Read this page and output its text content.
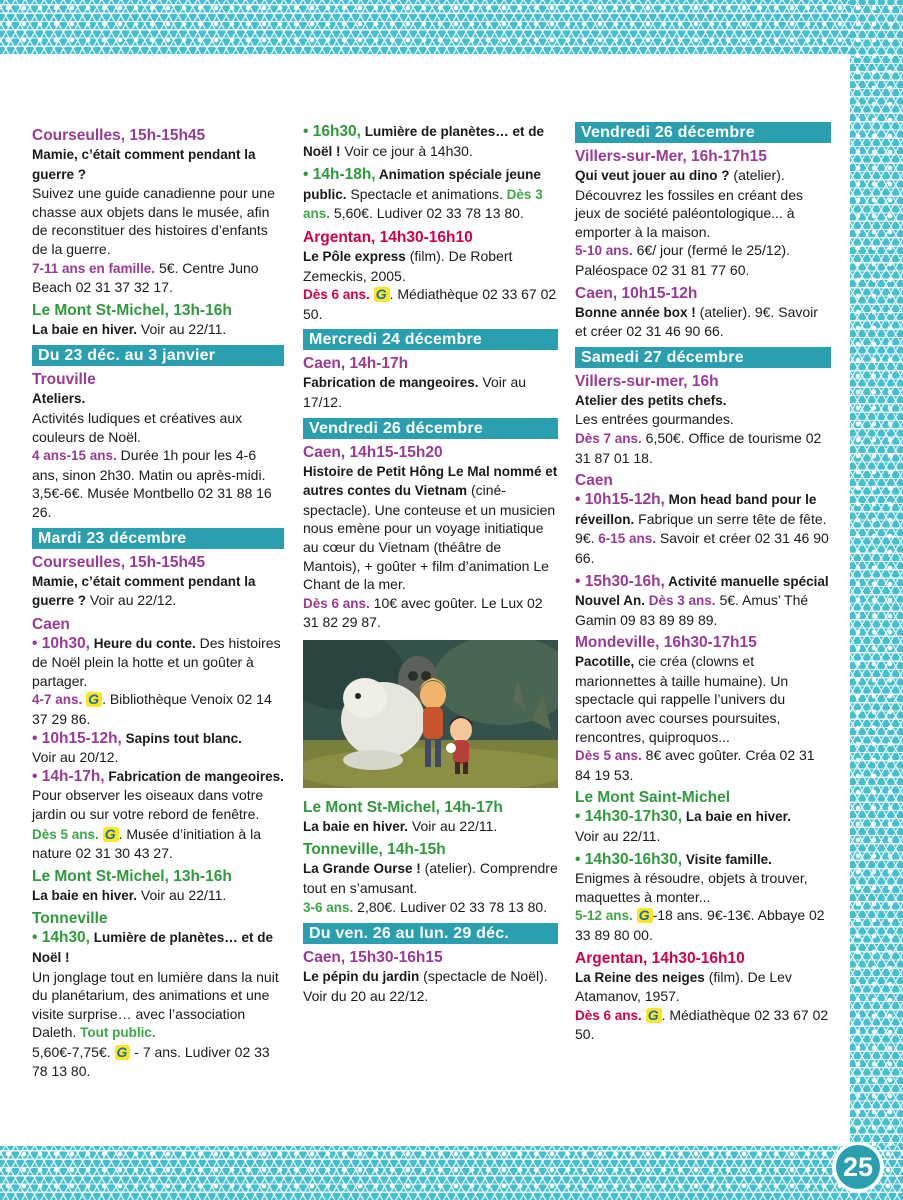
Courseulles, 15h-15h45

Mamie, c’était comment pendant la guerre ?
Suivez une guide canadienne pour une chasse aux objets dans le musée, afin de reconstituer des histoires d’enfants de la guerre.
7-11 ans en famille. 5€. Centre Juno Beach 02 31 37 32 17.

Le Mont St-Michel, 13h-16h

La baie en hiver. Voir au 22/11.

Du 23 déc. au 3 janvier
Trouville

Ateliers.
Activités ludiques et créatives aux couleurs de Noël.
4 ans-15 ans. Durée 1h pour les 4-6 ans, sinon 2h30. Matin ou après-midi. 3,5€-6€. Musée Montbello 02 31 88 16 26.

Mardi 23 décembre
Courseulles, 15h-15h45

Mamie, c’était comment pendant la guerre ? Voir au 22/12.

Caen

• 10h30, Heure du conte. Des histoires de Noël plein la hotte et un goûter à partager.
4-7 ans. G . Bibliothèque Venoix 02 14 37 29 86.

• 10h15-12h, Sapins tout blanc.
Voir au 20/12.

• 14h-17h, Fabrication de mangeoires. Pour observer les oiseaux dans votre jardin ou sur votre rebord de fenêtre. Dès 5 ans. G . Musée d’initiation à la nature 02 31 30 43 27.

Le Mont St-Michel, 13h-16h

La baie en hiver. Voir au 22/11.

Tonneville

• 14h30, Lumière de planètes… et de Noël !
Un jonglage tout en lumière dans la nuit du planétarium, des animations et une visite surprise… avec l’association Daleth. Tout public.
5,60€-7,75€. G - 7 ans. Ludiver 02 33 78 13 80.

• 16h30, Lumière de planètes… et de Noël ! Voir ce jour à 14h30.

• 14h-18h, Animation spéciale jeune public. Spectacle et animations. Dès 3 ans. 5,60€. Ludiver 02 33 78 13 80.

Argentan, 14h30-16h10

Le Pôle express (film). De Robert Zemeckis, 2005.
Dès 6 ans. G . Médiathèque 02 33 67 02 50.

Mercredi 24 décembre
Caen, 14h-17h

Fabrication de mangeoires. Voir au 17/12.

Vendredi 26 décembre
Caen, 14h15-15h20

Histoire de Petit Hông Le Mal nommé et autres contes du Vietnam (ciné-spectacle). Une conteuse et un musicien nous emène pour un voyage initiatique au cœur du Vietnam (théâtre de Mantois), + goûter + film d’animation Le Chant de la mer.
Dès 6 ans. 10€ avec goûter. Le Lux 02 31 82 29 87.

Le Mont St-Michel, 14h-17h

La baie en hiver. Voir au 22/11.

Tonneville, 14h-15h

La Grande Ourse ! (atelier). Comprendre tout en s’amusant.
3-6 ans. 2,80€. Ludiver 02 33 78 13 80.

Du ven. 26 au lun. 29 déc.
Caen, 15h30-16h15

Le pépin du jardin (spectacle de Noël). Voir du 20 au 22/12.

Vendredi 26 décembre
Villers-sur-Mer, 16h-17h15

Qui veut jouer au dino ? (atelier). Découvrez les fossiles en créant des jeux de société paléontologique... à emporter à la maison.
5-10 ans. 6€/ jour (fermé le 25/12). Paléospace 02 31 81 77 60.

Caen, 10h15-12h

Bonne année box ! (atelier). 9€. Savoir et créer 02 31 46 90 66.

Samedi 27 décembre
Villers-sur-mer, 16h

Atelier des petits chefs.
Les entrées gourmandes.
Dès 7 ans. 6,50€. Office de tourisme 02 31 87 01 18.

Caen

• 10h15-12h, Mon head band pour le réveillon. Fabrique un serre tête de fête. 9€. 6-15 ans. Savoir et créer 02 31 46 90 66.

• 15h30-16h, Activité manuelle spécial Nouvel An. Dès 3 ans. 5€. Amus’ Thé Gamin 09 83 89 89 89.

Mondeville, 16h30-17h15

Pacotille, cie créa (clowns et marionnettes à taille humaine). Un spectacle qui rappelle l’univers du cartoon avec courses poursuites, rencontres, quiproquos...
Dès 5 ans. 8€ avec goûter. Créa 02 31 84 19 53.

Le Mont Saint-Michel

• 14h30-17h30, La baie en hiver.
Voir au 22/11.

• 14h30-16h30, Visite famille.
Enigmes à résoudre, objets à trouver, maquettes à monter...
5-12 ans. G -18 ans. 9€-13€. Abbaye 02 33 89 80 00.

Argentan, 14h30-16h10

La Reine des neiges (film). De Lev Atamanov, 1957.
Dès 6 ans. G . Médiathèque 02 33 67 02 50.

25
